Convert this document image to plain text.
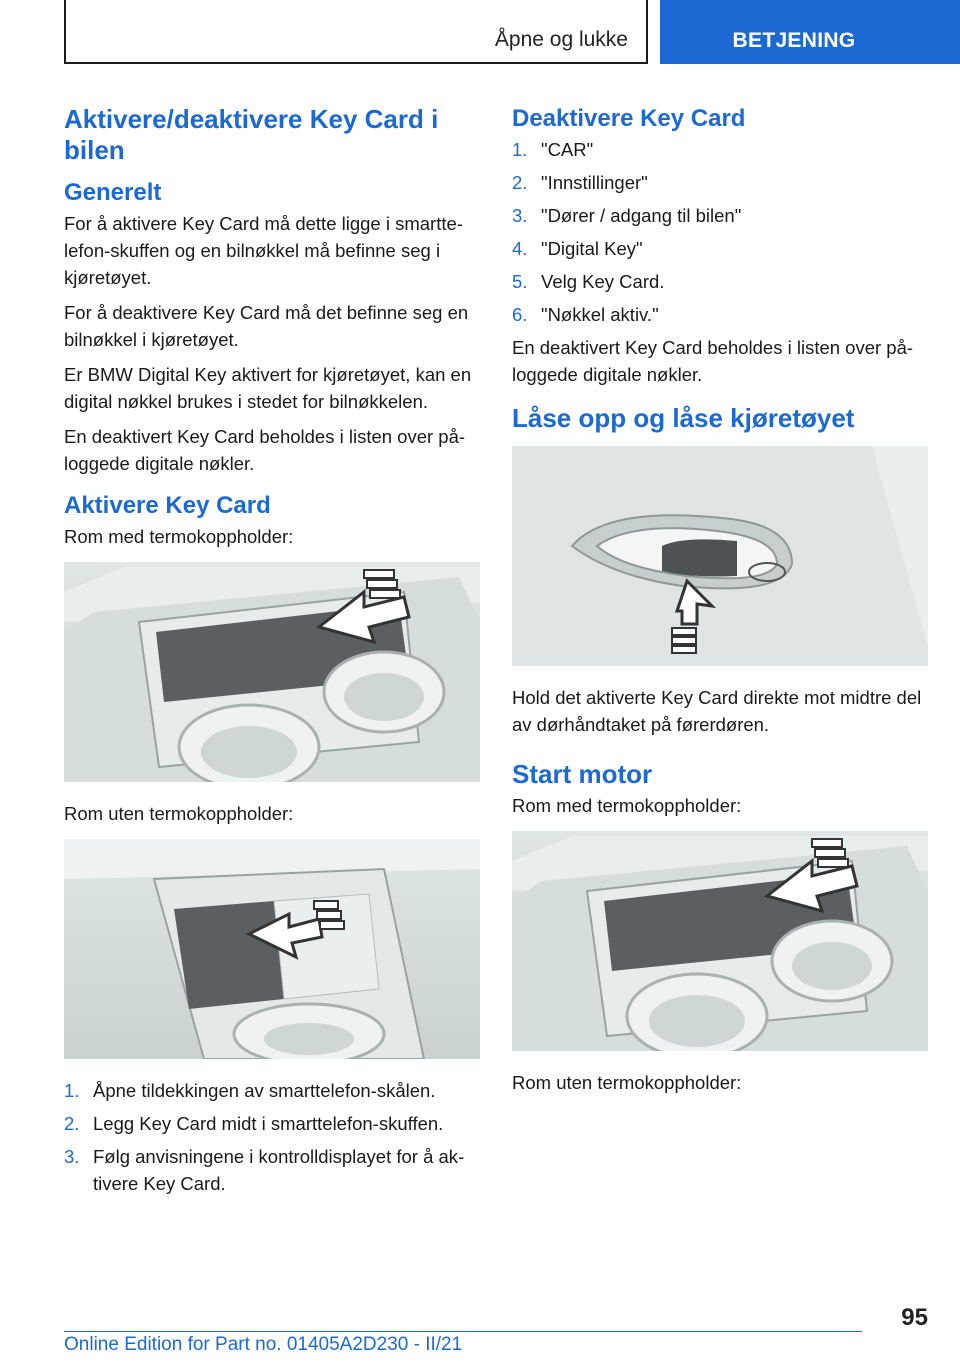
Åpne og lukke	BETJENING
Aktivere/deaktivere Key Card i bilen
Generelt

For å aktivere Key Card må dette ligge i smarttelefon-skuffen og en bilnøkkel må befinne seg i kjøretøyet.

For å deaktivere Key Card må det befinne seg en bilnøkkel i kjøretøyet.

Er BMW Digital Key aktivert for kjøretøyet, kan en digital nøkkel brukes i stedet for bilnøkkelen.

En deaktivert Key Card beholdes i listen over påloggede digitale nøkler.

Aktivere Key Card

Rom med termokoppholder:

Rom uten termokoppholder:

1. Åpne tildekkingen av smarttelefon-skålen.
2. Legg Key Card midt i smarttelefon-skuffen.
3. Følg anvisningene i kontrolldisplayet for å aktivere Key Card.
Deaktivere Key Card
1. "CAR"
2. "Innstillinger"
3. "Dører / adgang til bilen"
4. "Digital Key"
5. Velg Key Card.
6. "Nøkkel aktiv."

En deaktivert Key Card beholdes i listen over påloggede digitale nøkler.

Låse opp og låse kjøretøyet

Hold det aktiverte Key Card direkte mot midtre del av dørhåndtaket på førerdøren.

Start motor

Rom med termokoppholder:

Rom uten termokoppholder:

95
Online Edition for Part no. 01405A2D230 - II/21
